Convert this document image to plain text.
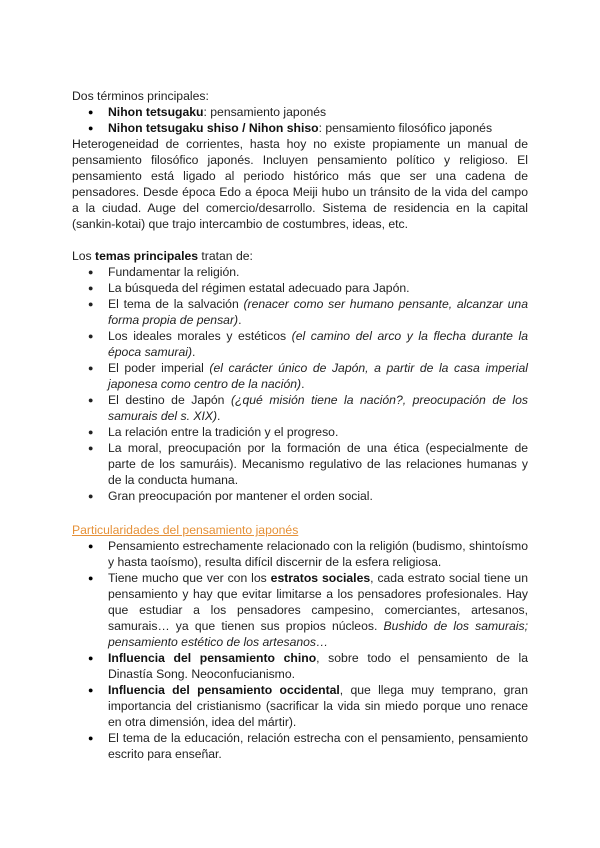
Dos términos principales:

● Nihon tetsugaku: pensamiento japonés
● Nihon tetsugaku shiso / Nihon shiso: pensamiento filosófico japonés

Heterogeneidad de corrientes, hasta hoy no existe propiamente un manual de pensamiento filosófico japonés. Incluyen pensamiento político y religioso. El pensamiento está ligado al periodo histórico más que ser una cadena de pensadores. Desde época Edo a época Meiji hubo un tránsito de la vida del campo a la ciudad. Auge del comercio/desarrollo. Sistema de residencia en la capital (sankin-kotai) que trajo intercambio de costumbres, ideas, etc.

Los temas principales tratan de:

● Fundamentar la religión.
● La búsqueda del régimen estatal adecuado para Japón.
● El tema de la salvación (renacer como ser humano pensante, alcanzar una forma propia de pensar).
● Los ideales morales y estéticos (el camino del arco y la flecha durante la época samurai).
● El poder imperial (el carácter único de Japón, a partir de la casa imperial japonesa como centro de la nación).
● El destino de Japón (¿qué misión tiene la nación?, preocupación de los samurais del s. XIX).
● La relación entre la tradición y el progreso.
● La moral, preocupación por la formación de una ética (especialmente de parte de los samuráis). Mecanismo regulativo de las relaciones humanas y de la conducta humana.
● Gran preocupación por mantener el orden social.

Particularidades del pensamiento japonés

● Pensamiento estrechamente relacionado con la religión (budismo, shintoísmo y hasta taoísmo), resulta difícil discernir de la esfera religiosa.
● Tiene mucho que ver con los estratos sociales, cada estrato social tiene un pensamiento y hay que evitar limitarse a los pensadores profesionales. Hay que estudiar a los pensadores campesino, comerciantes, artesanos, samurais… ya que tienen sus propios núcleos. Bushido de los samurais; pensamiento estético de los artesanos…
● Influencia del pensamiento chino, sobre todo el pensamiento de la Dinastía Song. Neoconfucianismo.
● Influencia del pensamiento occidental, que llega muy temprano, gran importancia del cristianismo (sacrificar la vida sin miedo porque uno renace en otra dimensión, idea del mártir).
● El tema de la educación, relación estrecha con el pensamiento, pensamiento escrito para enseñar.
